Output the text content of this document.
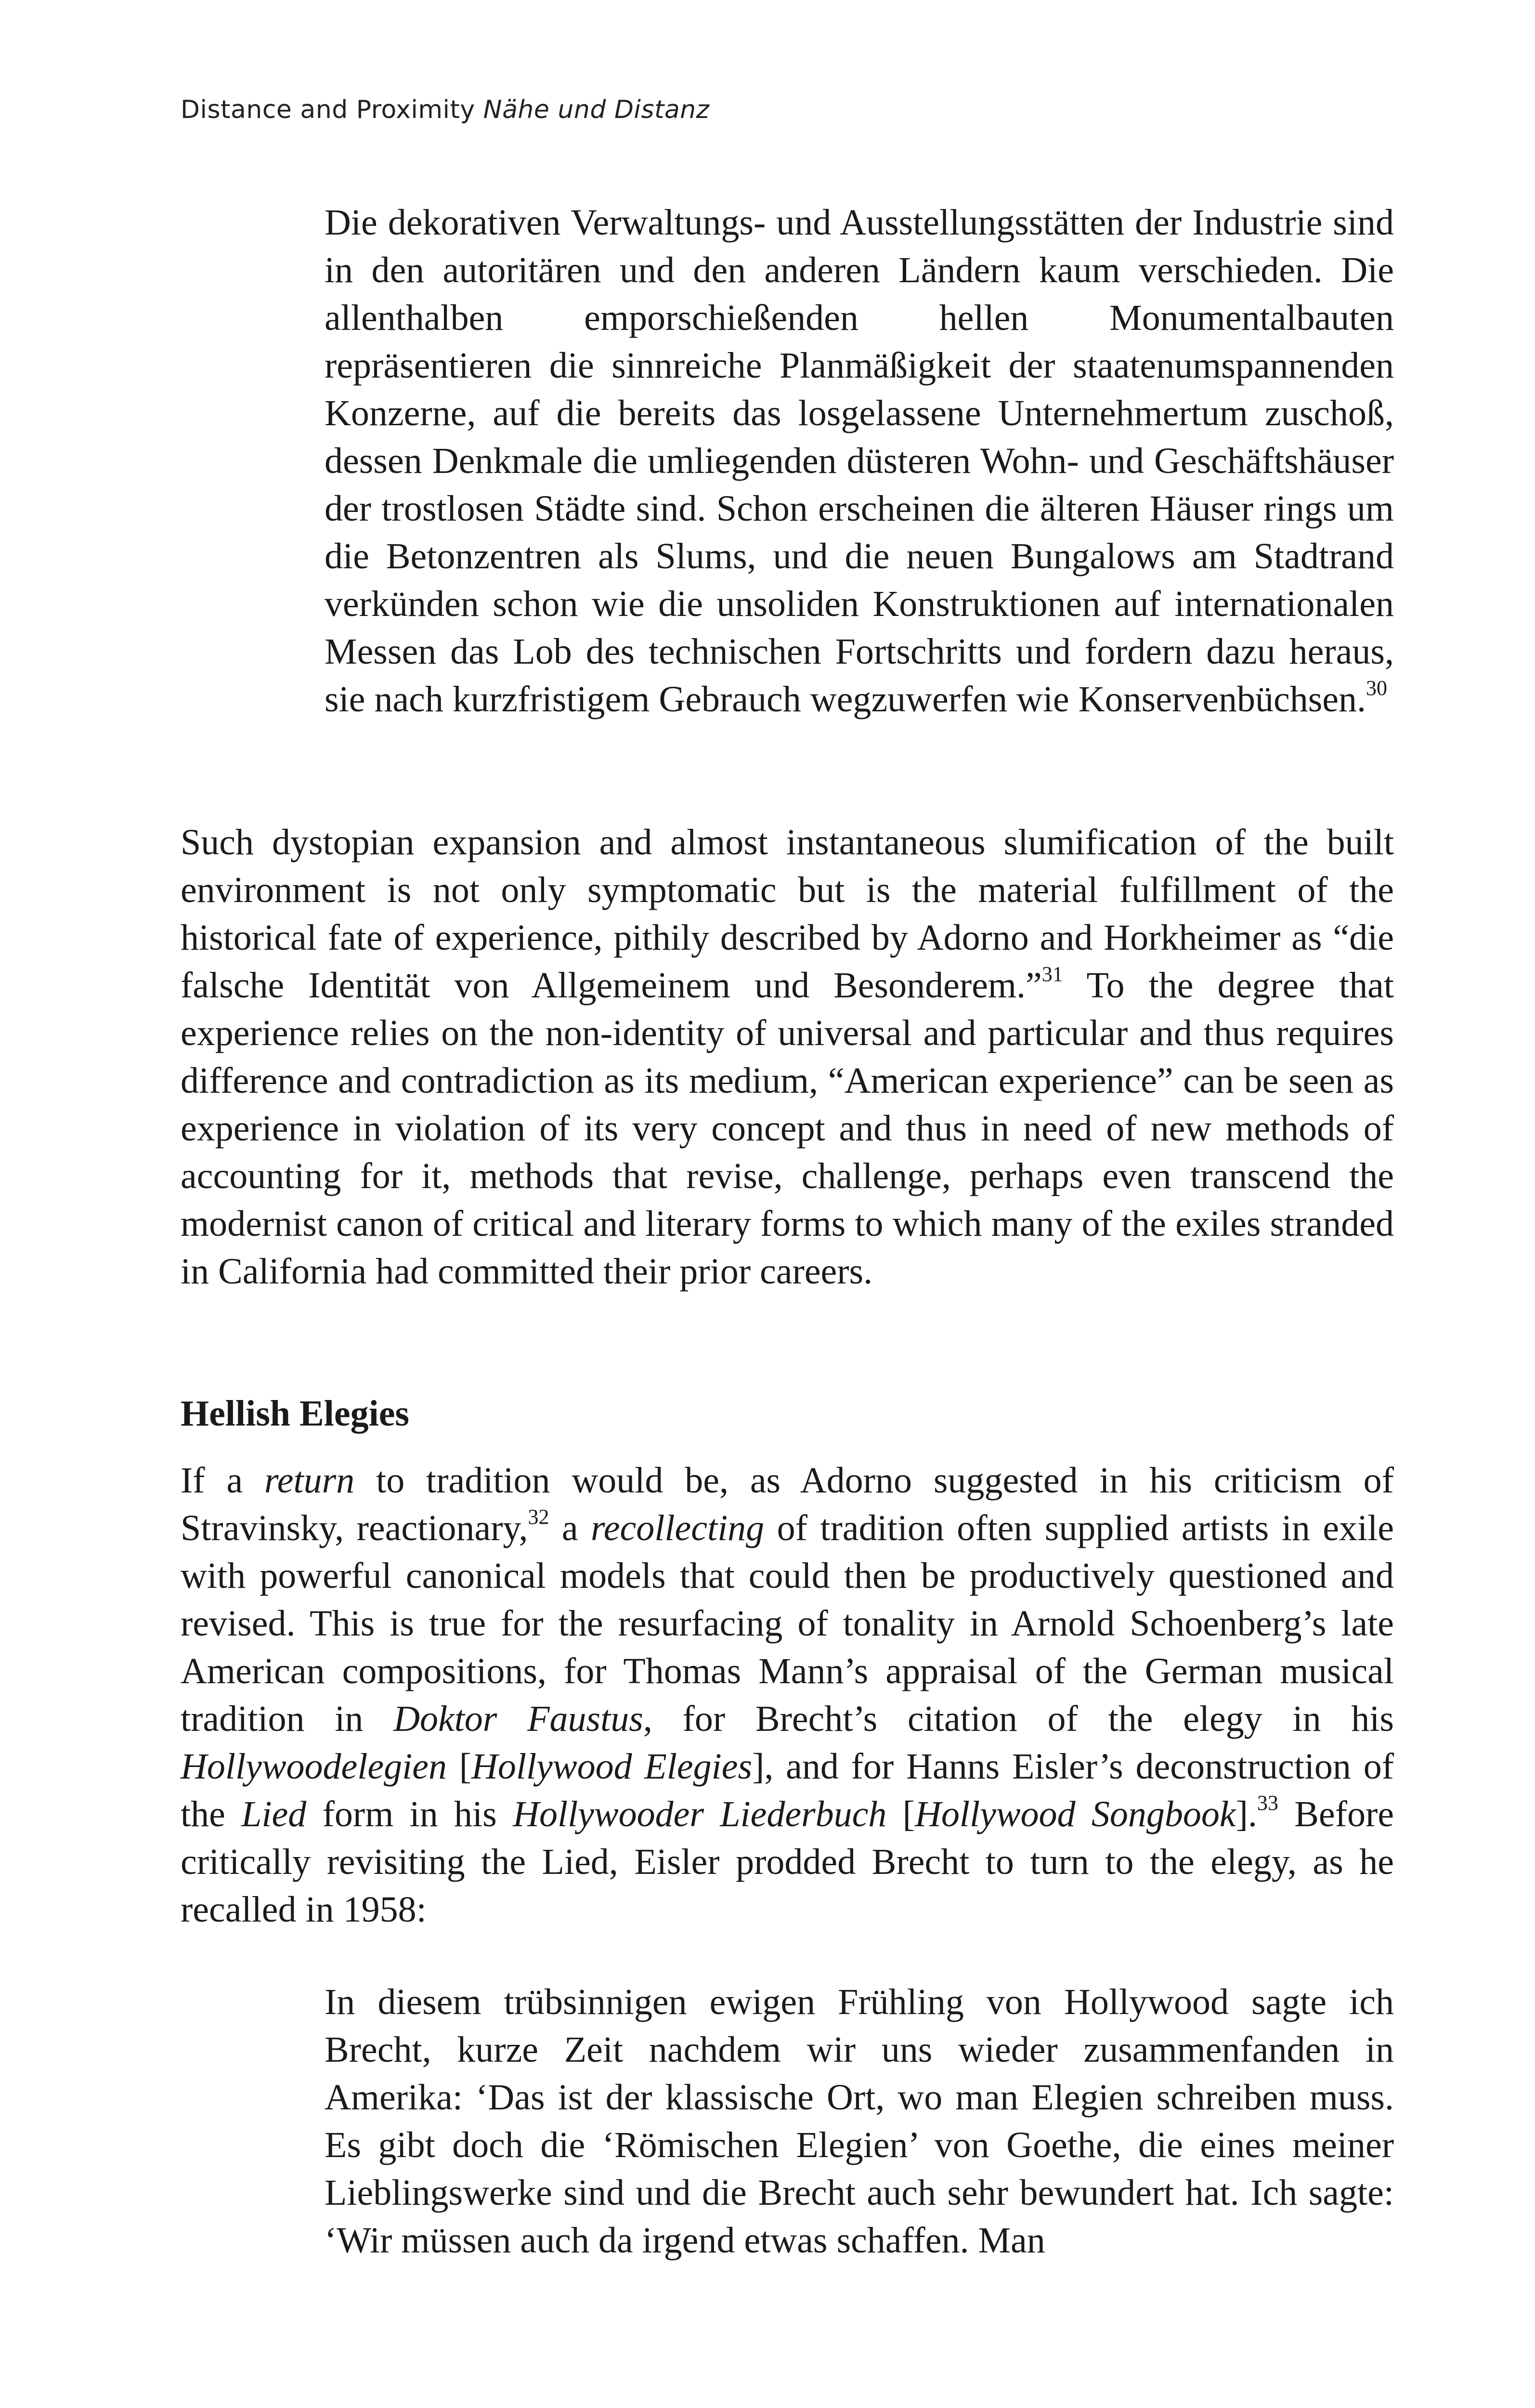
Distance and Proximity Nähe und Distanz
Die dekorativen Verwaltungs- und Ausstellungsstätten der Industrie sind in den autoritären und den anderen Ländern kaum verschieden. Die allenthalben emporschießenden hellen Monumentalbauten repräsentieren die sinnreiche Planmäßigkeit der staatenumspannenden Konzerne, auf die bereits das losgelassene Unternehmertum zuschoß, dessen Denkmale die umliegenden düsteren Wohn- und Geschäftshäuser der trostlosen Städte sind. Schon erscheinen die älteren Häuser rings um die Betonzentren als Slums, und die neuen Bungalows am Stadtrand verkünden schon wie die unsoliden Konstruktionen auf internationalen Messen das Lob des technischen Fortschritts und fordern dazu heraus, sie nach kurzfristigem Gebrauch wegzuwerfen wie Konservenbüchsen.$^{30}$
Such dystopian expansion and almost instantaneous slumification of the built environment is not only symptomatic but is the material fulfillment of the historical fate of experience, pithily described by Adorno and Horkheimer as “die falsche Identität von Allgemeinem und Besonderem.”$^{31}$ To the degree that experience relies on the non-identity of universal and particular and thus requires difference and contradiction as its medium, “American experience” can be seen as experience in violation of its very concept and thus in need of new methods of accounting for it, methods that revise, challenge, perhaps even transcend the modernist canon of critical and literary forms to which many of the exiles stranded in California had committed their prior careers.
Hellish Elegies
If a return to tradition would be, as Adorno suggested in his criticism of Stravinsky, reactionary,$^{32}$ a recollecting of tradition often supplied artists in exile with powerful canonical models that could then be productively questioned and revised. This is true for the resurfacing of tonality in Arnold Schoenberg’s late American compositions, for Thomas Mann’s appraisal of the German musical tradition in Doktor Faustus, for Brecht’s citation of the elegy in his Hollywoodelegien [Hollywood Elegies], and for Hanns Eisler’s deconstruction of the Lied form in his Hollywooder Liederbuch [Hollywood Songbook].$^{33}$ Before critically revisiting the Lied, Eisler prodded Brecht to turn to the elegy, as he recalled in 1958:
In diesem trübsinnigen ewigen Frühling von Hollywood sagte ich Brecht, kurze Zeit nachdem wir uns wieder zusammenfanden in Amerika: ‘Das ist der klassische Ort, wo man Elegien schreiben muss. Es gibt doch die ‘Römischen Elegien’ von Goethe, die eines meiner Lieblingswerke sind und die Brecht auch sehr bewundert hat. Ich sagte: ‘Wir müssen auch da irgend etwas schaffen. Man
